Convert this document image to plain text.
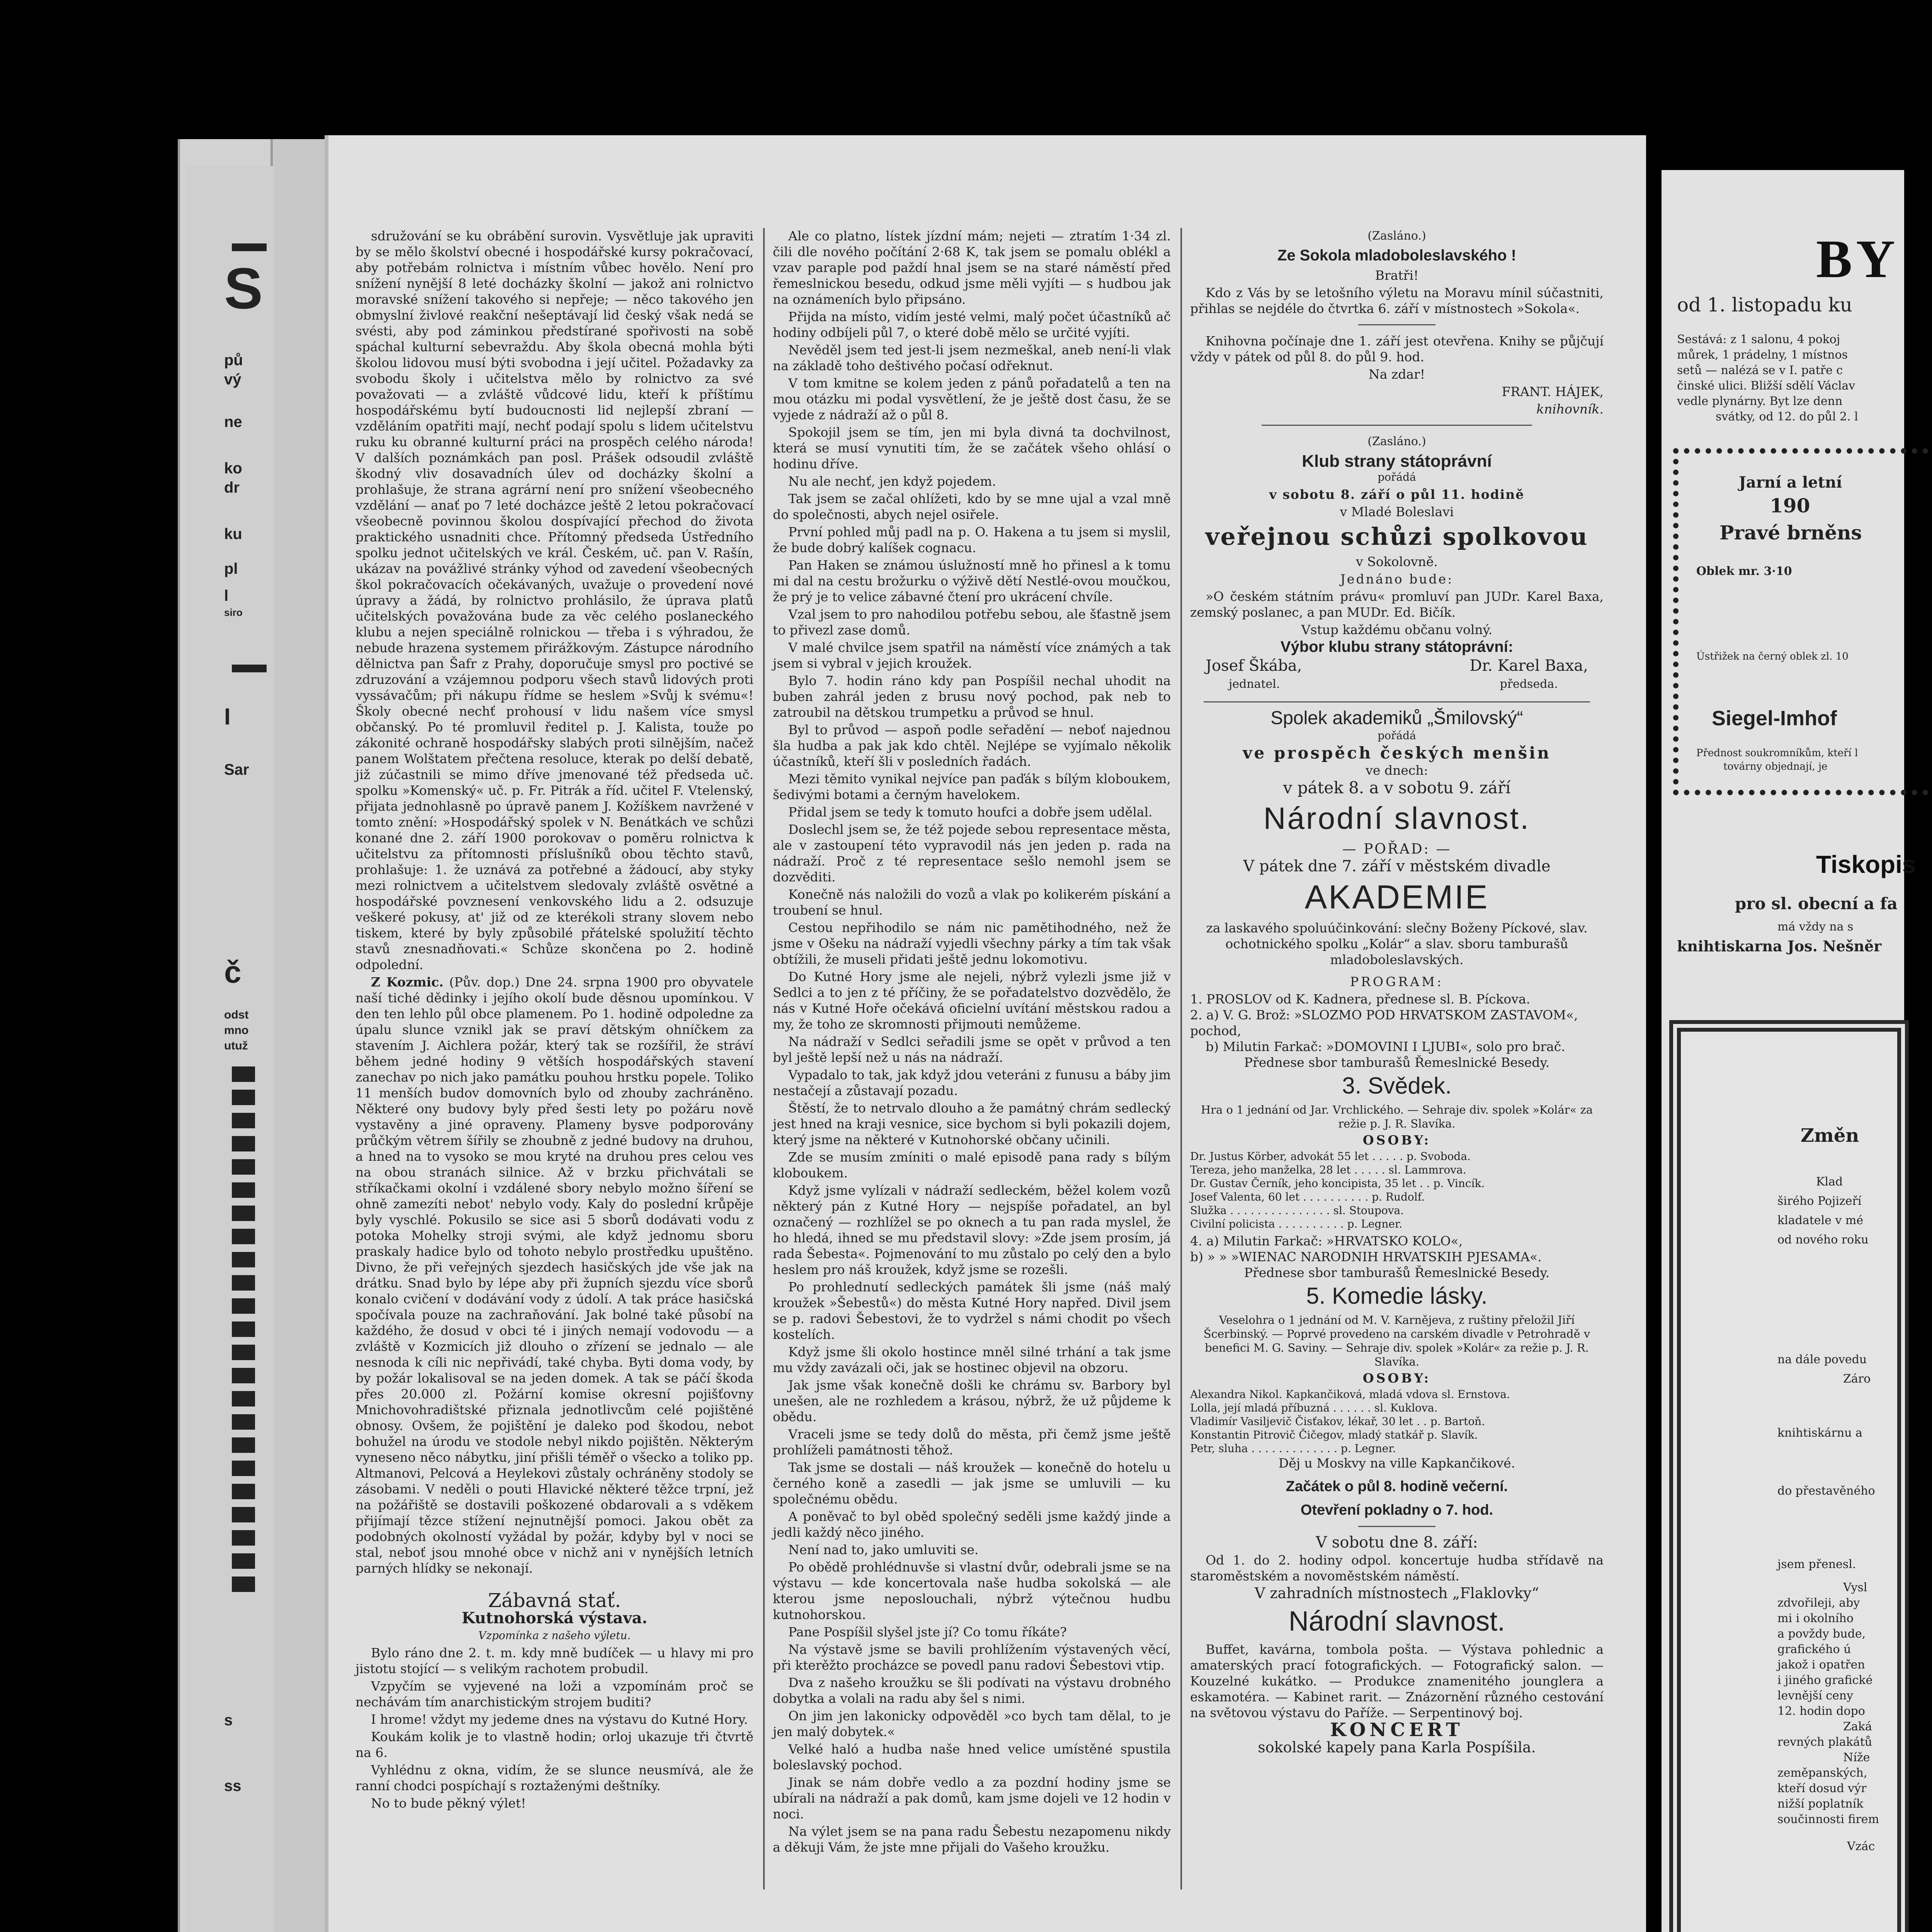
S
pů
vý
ne
ko
dr
ku
pl
l
siro
I
Sar
č
odst
mno
utuž
s
ss

sdružování se ku obrábění surovin. Vysvětluje jak upraviti by se mělo školství obecné i hospodářské kursy pokračovací, aby potřebám rolnictva i místním vůbec hovělo. Není pro snížení nynější 8 leté docházky školní — jakož ani rolnictvo moravské snížení takového si nepřeje; — něco takového jen obmyslní živlové reakční nešeptávají lid český však nedá se svésti, aby pod záminkou předstírané spořivosti na sobě spáchal kulturní sebevraždu. Aby škola obecná mohla býti školou lidovou musí býti svobodna i její učitel. Požadavky za svobodu školy i učitelstva mělo by rolnictvo za své považovati — a zvláště vůdcové lidu, kteří k příštímu hospodářskému bytí budoucnosti lid nejlepší zbraní — vzděláním opatřiti mají, nechť podají spolu s lidem učitelstvu ruku ku obranné kulturní práci na prospěch celého národa! V dalších poznámkách pan posl. Prášek odsoudil zvláště škodný vliv dosavadních úlev od docházky školní a prohlašuje, že strana agrární není pro snížení všeobecného vzdělání — anať po 7 leté docházce ještě 2 letou pokračovací všeobecně povinnou školou dospívající přechod do života praktického usnadniti chce. Přítomný předseda Ústředního spolku jednot učitelských ve král. Českém, uč. pan V. Rašín, ukázav na povážlivé stránky výhod od zavedení všeobecných škol pokračovacích očekávaných, uvažuje o provedení nové úpravy a žádá, by rolnictvo prohlásilo, že úprava platů učitelských považována bude za věc celého poslaneckého klubu a nejen speciálně rolnickou — třeba i s výhradou, že nebude hrazena systemem přirážkovým. Zástupce národního dělnictva pan Šafr z Prahy, doporučuje smysl pro poctivé se zdruzování a vzájemnou podporu všech stavů lidových proti vyssávačům; při nákupu řídme se heslem »Svůj k svému«! Školy obecné nechť prohousí v lidu našem více smysl občanský. Po té promluvil ředitel p. J. Kalista, touže po zákonité ochraně hospodářsky slabých proti silnějším, načež panem Wolštatem přečtena resoluce, kterak po delší debatě, již zúčastnili se mimo dříve jmenované též předseda uč. spolku »Komenský« uč. p. Fr. Pitrák a říd. učitel F. Vtelenský, přijata jednohlasně po úpravě panem J. Kožíškem navržené v tomto znění: »Hospodářský spolek v N. Benátkách ve schůzi konané dne 2. září 1900 porokovav o poměru rolnictva k učitelstvu za přítomnosti příslušníků obou těchto stavů, prohlašuje: 1. že uznává za potřebné a žádoucí, aby styky mezi rolnictvem a učitelstvem sledovaly zvláště osvětné a hospodářské povznesení venkovského lidu a 2. odsuzuje veškeré pokusy, at' již od ze kterékoli strany slovem nebo tiskem, které by byly způsobilé přátelské spolužití těchto stavů znesnadňovati.« Schůze skončena po 2. hodině odpolední.

Z Kozmic. (Pův. dop.) Dne 24. srpna 1900 pro obyvatele naší tiché dědinky i jejího okolí bude děsnou upomínkou. V den ten lehlo půl obce plamenem. Po 1. hodině odpoledne za úpalu slunce vznikl jak se praví dětským ohníčkem za stavením J. Aichlera požár, který tak se rozšířil, že stráví během jedné hodiny 9 větších hospodářských stavení zanechav po nich jako památku pouhou hrstku popele. Toliko 11 menších budov domovních bylo od zhouby zachráněno. Některé ony budovy byly před šesti lety po požáru nově vystavěny a jiné opraveny. Plameny bysve podporovány průčkým větrem šířily se zhoubně z jedné budovy na druhou, a hned na to vysoko se mou kryté na druhou pres celou ves na obou stranách silnice. Až v brzku přichvátali se stříkačkami okolní i vzdálené sbory nebylo možno šíření se ohně zamezíti nebot' nebylo vody. Kaly do poslední krůpěje byly vyschlé. Pokusilo se sice asi 5 sborů dodávati vodu z potoka Mohelky stroji svými, ale když jednomu sboru praskaly hadice bylo od tohoto nebylo prostředku upuštěno. Divno, že při veřejných sjezdech hasičských jde vše jak na drátku. Snad bylo by lépe aby při župních sjezdu více sborů konalo cvičení v dodávání vody z údolí. A tak práce hasičská spočívala pouze na zachraňování. Jak bolné také působí na každého, že dosud v obci té i jiných nemají vodovodu — a zvláště v Kozmicích již dlouho o zřízení se jednalo — ale nesnoda k cíli nic nepřivádí, také chyba. Byti doma vody, by by požár lokalisoval se na jeden domek. A tak se páčí škoda přes 20.000 zl. Požární komise okresní pojišťovny Mnichovohradištské přiznala jednotlivcům celé pojištěné obnosy. Ovšem, že pojištění je daleko pod škodou, nebot bohužel na úrodu ve stodole nebyl nikdo pojištěn. Některým vyneseno něco nábytku, jiní přišli téměř o všecko a toliko pp. Altmanovi, Pelcová a Heylekovi zůstaly ochráněny stodoly se zásobami. V neděli o pouti Hlavické některé těžce trpní, jež na požářiště se dostavili poškozené obdarovali a s vděkem přijímají tězce stížení nejnutnější pomoci. Jakou obět za podobných okolností vyžádal by požár, kdyby byl v noci se stal, neboť jsou mnohé obce v nichž ani v nynějších letních parných hlídky se nekonají.

Zábavná stať.

Kutnohorská výstava.

Vzpomínka z našeho výletu.

Bylo ráno dne 2. t. m. kdy mně budíček — u hlavy mi pro jistotu stojící — s velikým rachotem probudil.

Vzpyčím se vyjevené na loži a vzpomínám proč se nechávám tím anarchistickým strojem buditi?

I hrome! vždyt my jedeme dnes na výstavu do Kutné Hory.

Koukám kolik je to vlastně hodin; orloj ukazuje tři čtvrtě na 6.

Vyhlédnu z okna, vidím, že se slunce neusmívá, ale že ranní chodci pospíchají s roztaženými deštníky.

No to bude pěkný výlet!

Ale co platno, lístek jízdní mám; nejeti — ztratím 1·34 zl. čili dle nového počítání 2·68 K, tak jsem se pomalu oblékl a vzav paraple pod paždí hnal jsem se na staré náměstí před řemeslnickou besedu, odkud jsme měli vyjíti — s hudbou jak na oznámeních bylo připsáno.

Přijda na místo, vidím jesté velmi, malý počet účastníků ač hodiny odbíjeli půl 7, o které době mělo se určité vyjíti.

Nevěděl jsem ted jest-li jsem nezmeškal, aneb není-li vlak na základě toho deštivého počasí odřeknut.

V tom kmitne se kolem jeden z pánů pořadatelů a ten na mou otázku mi podal vysvětlení, že je ještě dost času, že se vyjede z nádraží až o půl 8.

Spokojil jsem se tím, jen mi byla divná ta dochvilnost, která se musí vynutiti tím, že se začátek všeho ohlásí o hodinu dříve.

Nu ale nechť, jen když pojedem.

Tak jsem se začal ohlížeti, kdo by se mne ujal a vzal mně do společnosti, abych nejel osiřele.

První pohled můj padl na p. O. Hakena a tu jsem si myslil, že bude dobrý kalíšek cognacu.

Pan Haken se známou úslužností mně ho přinesl a k tomu mi dal na cestu brožurku o výživě dětí Nestlé-ovou moučkou, že prý je to velice zábavné čtení pro ukrácení chvíle.

Vzal jsem to pro nahodilou potřebu sebou, ale šťastně jsem to přivezl zase domů.

V malé chvilce jsem spatřil na náměstí více známých a tak jsem si vybral v jejich kroužek.

Bylo 7. hodin ráno kdy pan Pospíšil nechal uhodit na buben zahrál jeden z brusu nový pochod, pak neb to zatroubil na dětskou trumpetku a průvod se hnul.

Byl to průvod — aspoň podle seřadění — neboť najednou šla hudba a pak jak kdo chtěl. Nejlépe se vyjímalo několik účastníků, kteří šli v posledních řadách.

Mezi těmito vynikal nejvíce pan paďák s bílým kloboukem, šedivými botami a černým havelokem.

Přidal jsem se tedy k tomuto houfci a dobře jsem udělal.

Doslechl jsem se, že též pojede sebou representace města, ale v zastoupení této vypravodil nás jen jeden p. rada na nádraží. Proč z té representace sešlo nemohl jsem se dozvěditi.

Konečně nás naložili do vozů a vlak po kolikerém pískání a troubení se hnul.

Cestou nepřihodilo se nám nic pamětihodného, než že jsme v Ošeku na nádraží vyjedli všechny párky a tím tak však obtížili, že museli přidati ještě jednu lokomotivu.

Do Kutné Hory jsme ale nejeli, nýbrž vylezli jsme již v Sedlci a to jen z té příčiny, že se pořadatelstvo dozvědělo, že nás v Kutné Hoře očekává oficielní uvítání městskou radou a my, že toho ze skromnosti přijmouti nemůžeme.

Na nádraží v Sedlci seřadili jsme se opět v průvod a ten byl ještě lepší než u nás na nádraží.

Vypadalo to tak, jak když jdou veteráni z funusu a báby jim nestačejí a zůstavají pozadu.

Štěstí, že to netrvalo dlouho a že památný chrám sedlecký jest hned na kraji vesnice, sice bychom si byli pokazili dojem, který jsme na některé v Kutnohorské občany učinili.

Zde se musím zmíniti o malé episodě pana rady s bílým kloboukem.

Když jsme vylízali v nádraží sedleckém, běžel kolem vozů některý pán z Kutné Hory — nejspíše pořadatel, an byl označený — rozhlížel se po oknech a tu pan rada myslel, že ho hledá, ihned se mu představil slovy: »Zde jsem prosím, já rada Šebesta«. Pojmenování to mu zůstalo po celý den a bylo heslem pro náš kroužek, když jsme se rozešli.

Po prohlednutí sedleckých památek šli jsme (náš malý kroužek »Šebestů«) do města Kutné Hory napřed. Divil jsem se p. radovi Šebestovi, že to vydržel s námi chodit po všech kostelích.

Když jsme šli okolo hostince mněl silné trhání a tak jsme mu vždy zavázali oči, jak se hostinec objevil na obzoru.

Jak jsme však konečně došli ke chrámu sv. Barbory byl unešen, ale ne rozhledem a krásou, nýbrž, že už půjdeme k obědu.

Vraceli jsme se tedy dolů do města, při čemž jsme ještě prohlíželi památnosti těhož.

Tak jsme se dostali — náš kroužek — konečně do hotelu u černého koně a zasedli — jak jsme se umluvili — ku společnému obědu.

A poněvač to byl oběd společný seděli jsme každý jinde a jedli každý něco jiného.

Není nad to, jako umluviti se.

Po obědě prohlédnuvše si vlastní dvůr, odebrali jsme se na výstavu — kde koncertovala naše hudba sokolská — ale kterou jsme neposlouchali, nýbrž výtečnou hudbu kutnohorskou.

Pane Pospíšil slyšel jste jí? Co tomu říkáte?

Na výstavě jsme se bavili prohlížením výstavených věcí, při kterěžto procházce se povedl panu radovi Šebestovi vtip.

Dva z našeho kroužku se šli podívati na výstavu drobného dobytka a volali na radu aby šel s nimi.

On jim jen lakonicky odpověděl »co bych tam dělal, to je jen malý dobytek.«

Velké haló a hudba naše hned velice umístěné spustila boleslavský pochod.

Jinak se nám dobře vedlo a za pozdní hodiny jsme se ubírali na nádraží a pak domů, kam jsme dojeli ve 12 hodin v noci.

Na výlet jsem se na pana radu Šebestu nezapomenu nikdy a děkuji Vám, že jste mne přijali do Vašeho kroužku.

(Zasláno.)

Ze Sokola mladoboleslavského !

Bratři!

Kdo z Vás by se letošního výletu na Moravu mínil súčastniti, přihlas se nejdéle do čtvrtka 6. září v místnostech »Sokola«.

Knihovna počínaje dne 1. září jest otevřena. Knihy se půjčují vždy v pátek od půl 8. do půl 9. hod.

Na zdar!

FRANT. HÁJEK,

knihovník.

(Zasláno.)

Klub strany státoprávní

pořádá

v sobotu 8. září o půl 11. hodině

v Mladé Boleslavi

veřejnou schůzi spolkovou

v Sokolovně.

Jednáno bude:

»O českém státním právu« promluví pan JUDr. Karel Baxa, zemský poslanec, a pan MUDr. Ed. Bičík.

Vstup každému občanu volný.

Výbor klubu strany státoprávní:

Josef Škába,
jednatel.
Dr. Karel Baxa,
předseda.

Spolek akademiků „Šmilovský“

pořádá

ve prospěch českých menšin

ve dnech:

v pátek 8. a v sobotu 9. září

Národní slavnost.

— POŘAD: —

V pátek dne 7. září v městském divadle

AKADEMIE

za laskavého spoluúčinkování: slečny Boženy Píckové, slav. ochotnického spolku „Kolár“ a slav. sboru tamburašů mladoboleslavských.

PROGRAM:

1. PROSLOV od K. Kadnera, přednese sl. B. Píckova.
2. a) V. G. Brož: »SLOZMO POD HRVATSKOM ZASTAVOM«, pochod,
b) Milutin Farkač: »DOMOVINI I LJUBI«, solo pro brač.
Přednese sbor tamburašů Řemeslnické Besedy.

3. Svědek.

Hra o 1 jednání od Jar. Vrchlického. — Sehraje div. spolek »Kolár« za režie p. J. R. Slavíka.

OSOBY:

Dr. Justus Körber, advokát 55 let . . . . . p. Svoboda.
Tereza, jeho manželka, 28 let . . . . . sl. Lammrova.
Dr. Gustav Černík, jeho koncipista, 35 let . . p. Vincík.
Josef Valenta, 60 let . . . . . . . . . . p. Rudolf.
Služka . . . . . . . . . . . . . . . sl. Stoupova.
Civilní policista . . . . . . . . . . p. Legner.
4. a) Milutin Farkač: »HRVATSKO KOLO«,
b) » » »WIENAC NARODNIH HRVATSKIH PJESAMA«.
Přednese sbor tamburašů Řemeslnické Besedy.

5. Komedie lásky.

Veselohra o 1 jednání od M. V. Karnějeva, z ruštiny přeložil Jiří Šcerbinský. — Poprvé provedeno na carském divadle v Petrohradě v benefici M. G. Saviny. — Sehraje div. spolek »Kolár« za režie p. J. R. Slavíka.

OSOBY:

Alexandra Nikol. Kapkančiková, mladá vdova sl. Ernstova.
Lolla, její mladá příbuzná . . . . . . sl. Kuklova.
Vladimír Vasiljevič Čisťakov, lékař, 30 let . . p. Bartoň.
Konstantin Pitrovič Čičegov, mladý statkář p. Slavík.
Petr, sluha . . . . . . . . . . . . . p. Legner.

Děj u Moskvy na ville Kapkančikové.

Začátek o půl 8. hodině večerní.

Otevření pokladny o 7. hod.

V sobotu dne 8. září:

Od 1. do 2. hodiny odpol. koncertuje hudba střídavě na staroměstském a novoměstském náměstí.

V zahradních místnostech „Flaklovky“

Národní slavnost.

Buffet, kavárna, tombola pošta. — Výstava pohlednic a amaterských prací fotografických. — Fotografický salon. — Kouzelné kukátko. — Produkce znamenitého jounglera a eskamotéra. — Kabinet rarit. — Znázornění různého cestování na světovou výstavu do Paříže. — Serpentinový boj.

KONCERT

sokolské kapely pana Karla Pospíšila.

BY
od 1. listopadu ku
Sestává: z 1 salonu, 4 pokoj
můrek, 1 prádelny, 1 místnos
setů — nalézá se v I. patře c
činské ulici. Bližší sdělí Václav
vedle plynárny. Byt lze denn
svátky, od 12. do půl 2. l
Jarní a letní
190
Pravé brněns
Oblek mr. 3·10
Ústřižek na černý oblek zl. 10
Siegel-Imhof
Přednost soukromníkům, kteří l
továrny objednají, je
Tiskopis
pro sl. obecní a fa
má vždy na s
knihtiskarna Jos. Nešněr
Změn
Klad
širého Pojizeří
kladatele v mé
od nového roku
na dále povedu
Záro
knihtiskárnu a
do přestavěného
jsem přenesl.
Vysl
zdvořileji, aby
mi i okolního
a povždy bude,
grafického ú
jakož i opatřen
i jiného grafické
levnější ceny
12. hodin dopo
Zaká
revných plakátů
Níže
zeměpanských,
kteří dosud výr
nižší poplatník
součinnosti firem
Vzác
